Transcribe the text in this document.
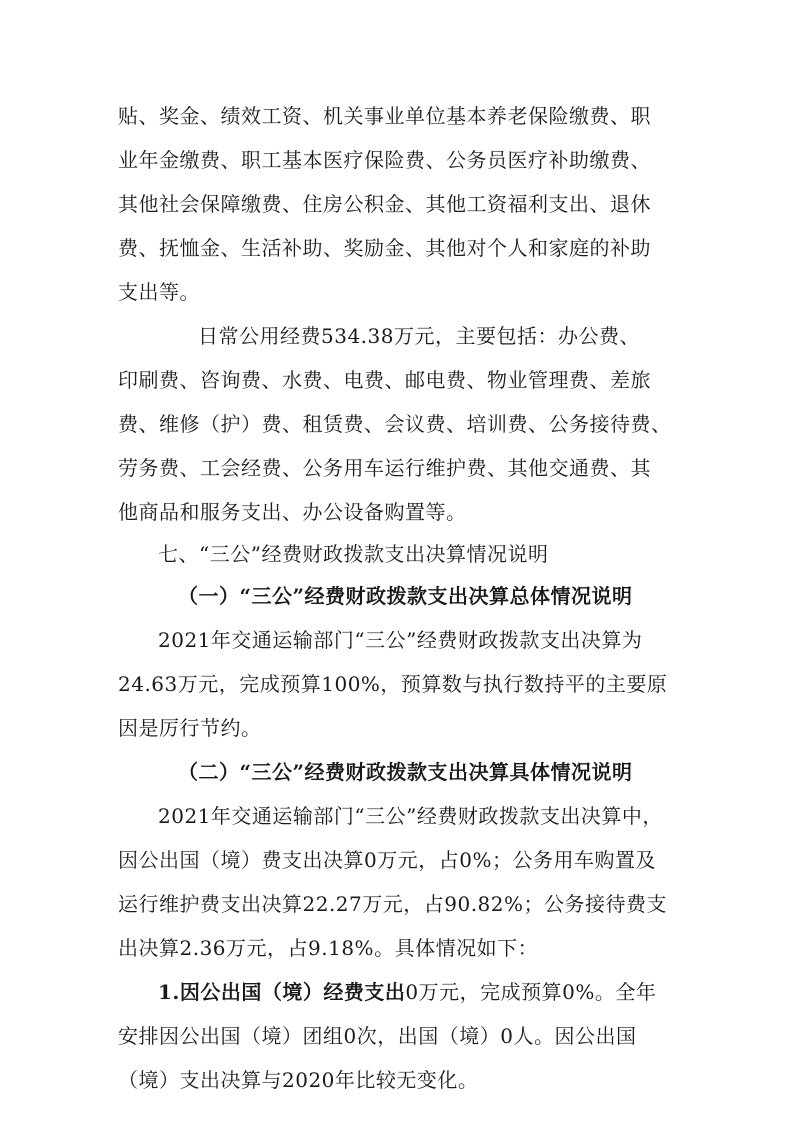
贴、奖金、绩效工资、机关事业单位基本养老保险缴费、职
业年金缴费、职工基本医疗保险费、公务员医疗补助缴费、
其他社会保障缴费、住房公积金、其他工资福利支出、退休
费、抚恤金、生活补助、奖励金、其他对个人和家庭的补助
支出等。
日常公用经费534.38万元，主要包括：办公费、
印刷费、咨询费、水费、电费、邮电费、物业管理费、差旅
费、维修（护）费、租赁费、会议费、培训费、公务接待费、
劳务费、工会经费、公务用车运行维护费、其他交通费、其
他商品和服务支出、办公设备购置等。
七、“三公”经费财政拨款支出决算情况说明
（一）“三公”经费财政拨款支出决算总体情况说明
2021年交通运输部门“三公”经费财政拨款支出决算为
24.63万元，完成预算100%，预算数与执行数持平的主要原
因是厉行节约。
（二）“三公”经费财政拨款支出决算具体情况说明
2021年交通运输部门“三公”经费财政拨款支出决算中，
因公出国（境）费支出决算0万元，占0%；公务用车购置及
运行维护费支出决算22.27万元，占90.82%；公务接待费支
出决算2.36万元，占9.18%。具体情况如下：
1.因公出国（境）经费支出0万元，完成预算0%。全年
安排因公出国（境）团组0次，出国（境）0人。因公出国
（境）支出决算与2020年比较无变化。
